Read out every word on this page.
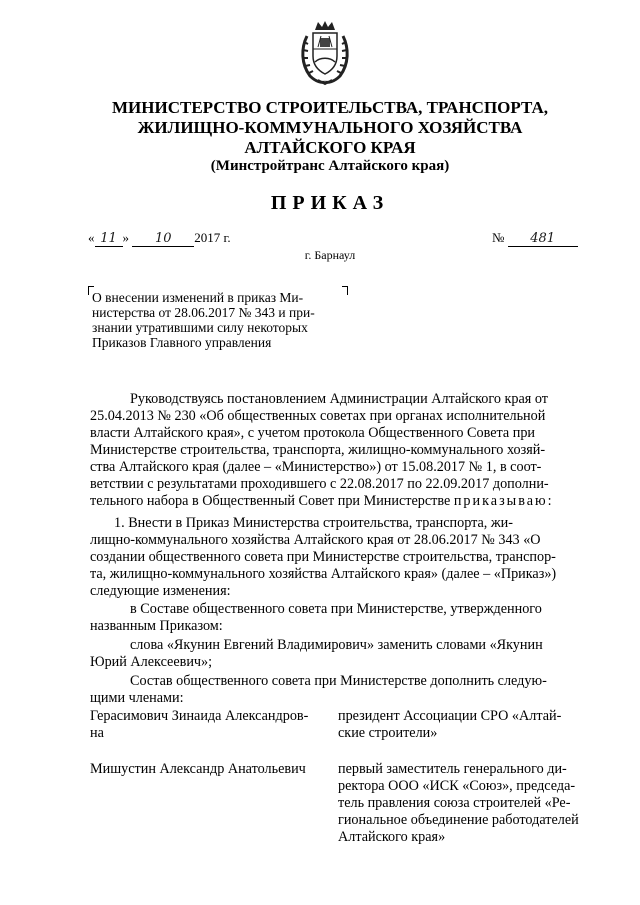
МИНИСТЕРСТВО СТРОИТЕЛЬСТВА, ТРАНСПОРТА,
ЖИЛИЩНО-КОММУНАЛЬНОГО ХОЗЯЙСТВА
АЛТАЙСКОГО КРАЯ
(Минстройтранс Алтайского края)
ПРИКАЗ
« 11 » 10 2017 г.	№ 481
г. Барнаул
О внесении изменений в приказ Ми-
нистерства от 28.06.2017 № 343 и при-
знании утратившими силу некоторых
Приказов Главного управления
Руководствуясь постановлением Администрации Алтайского края от
25.04.2013 № 230 «Об общественных советах при органах исполнительной
власти Алтайского края», с учетом протокола Общественного Совета при
Министерстве строительства, транспорта, жилищно-коммунального хозяй-
ства Алтайского края (далее – «Министерство») от 15.08.2017 № 1, в соот-
ветствии с результатами проходившего с 22.08.2017 по 22.09.2017 дополни-
тельного набора в Общественный Совет при Министерстве приказываю:
1. Внести в Приказ Министерства строительства, транспорта, жи-
лищно-коммунального хозяйства Алтайского края от 28.06.2017 № 343 «О
создании общественного совета при Министерстве строительства, транспор-
та, жилищно-коммунального хозяйства Алтайского края» (далее – «Приказ»)
следующие изменения:
в Составе общественного совета при Министерстве, утвержденного
названным Приказом:
слова «Якунин Евгений Владимирович» заменить словами «Якунин
Юрий Алексеевич»;
Состав общественного совета при Министерстве дополнить следую-
щими членами:
Герасимович Зинаида Александров-
на
президент Ассоциации СРО «Алтай-
ские строители»
Мишустин Александр Анатольевич первый заместитель генерального ди-
ректора ООО «ИСК «Союз», председа-
тель правления союза строителей «Ре-
гиональное объединение работодателей
Алтайского края»
